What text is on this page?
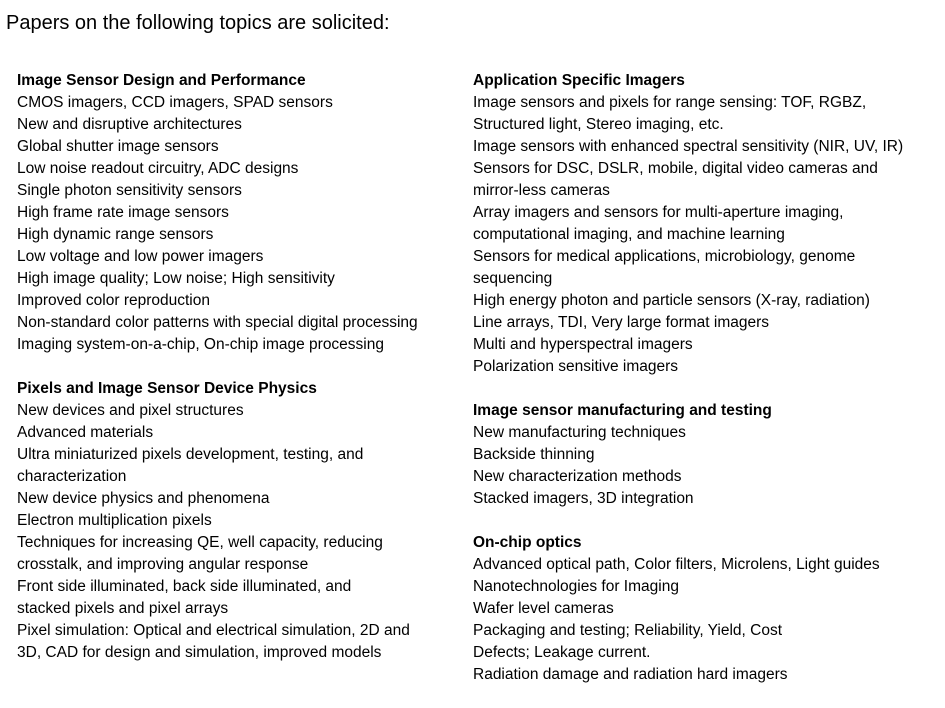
Papers on the following topics are solicited:
Image Sensor Design and Performance
CMOS imagers, CCD imagers, SPAD sensors
New and disruptive architectures
Global shutter image sensors
Low noise readout circuitry, ADC designs
Single photon sensitivity sensors
High frame rate image sensors
High dynamic range sensors
Low voltage and low power imagers
High image quality; Low noise; High sensitivity
Improved color reproduction
Non-standard color patterns with special digital processing
Imaging system-on-a-chip, On-chip image processing
Pixels and Image Sensor Device Physics
New devices and pixel structures
Advanced materials
Ultra miniaturized pixels development, testing, and
characterization
New device physics and phenomena
Electron multiplication pixels
Techniques for increasing QE, well capacity, reducing
crosstalk, and improving angular response
Front side illuminated, back side illuminated, and
stacked pixels and pixel arrays
Pixel simulation: Optical and electrical simulation, 2D and
3D, CAD for design and simulation, improved models
Application Specific Imagers
Image sensors and pixels for range sensing: TOF, RGBZ,
Structured light, Stereo imaging, etc.
Image sensors with enhanced spectral sensitivity (NIR, UV, IR)
Sensors for DSC, DSLR, mobile, digital video cameras and
mirror-less cameras
Array imagers and sensors for multi-aperture imaging,
computational imaging, and machine learning
Sensors for medical applications, microbiology, genome
sequencing
High energy photon and particle sensors (X-ray, radiation)
Line arrays, TDI, Very large format imagers
Multi and hyperspectral imagers
Polarization sensitive imagers
Image sensor manufacturing and testing
New manufacturing techniques
Backside thinning
New characterization methods
Stacked imagers, 3D integration
On-chip optics
Advanced optical path, Color filters, Microlens, Light guides
Nanotechnologies for Imaging
Wafer level cameras
Packaging and testing; Reliability, Yield, Cost
Defects; Leakage current.
Radiation damage and radiation hard imagers
